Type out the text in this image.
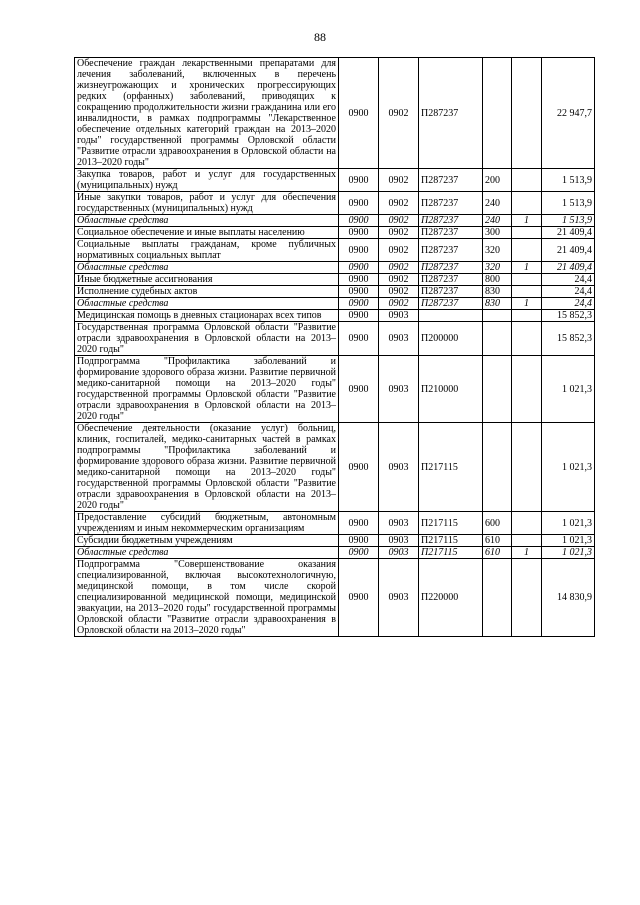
88
Обеспечение граждан лекарственными препаратами для лечения заболеваний, включенных в перечень жизнеугрожающих и хронических прогрессирующих редких (орфанных) заболеваний, приводящих к сокращению продолжительности жизни гражданина или его инвалидности, в рамках подпрограммы "Лекарственное обеспечение отдельных категорий граждан на 2013–2020 годы" государственной программы Орловской области "Развитие отрасли здравоохранения в Орловской области на 2013–2020 годы"	0900	0902	П287237			22 947,7
Закупка товаров, работ и услуг для государственных (муниципальных) нужд	0900	0902	П287237	200		1 513,9
Иные закупки товаров, работ и услуг для обеспечения государственных (муниципальных) нужд	0900	0902	П287237	240		1 513,9
Областные средства	0900	0902	П287237	240	1	1 513,9
Социальное обеспечение и иные выплаты населению	0900	0902	П287237	300		21 409,4
Социальные выплаты гражданам, кроме публичных нормативных социальных выплат	0900	0902	П287237	320		21 409,4
Областные средства	0900	0902	П287237	320	1	21 409,4
Иные бюджетные ассигнования	0900	0902	П287237	800		24,4
Исполнение судебных актов	0900	0902	П287237	830		24,4
Областные средства	0900	0902	П287237	830	1	24,4
Медицинская помощь в дневных стационарах всех типов	0900	0903				15 852,3
Государственная программа Орловской области "Развитие отрасли здравоохранения в Орловской области на 2013–2020 годы"	0900	0903	П200000			15 852,3
Подпрограмма "Профилактика заболеваний и формирование здорового образа жизни. Развитие первичной медико-санитарной помощи на 2013–2020 годы" государственной программы Орловской области "Развитие отрасли здравоохранения в Орловской области на 2013–2020 годы"	0900	0903	П210000			1 021,3
Обеспечение деятельности (оказание услуг) больниц, клиник, госпиталей, медико-санитарных частей в рамках подпрограммы "Профилактика заболеваний и формирование здорового образа жизни. Развитие первичной медико-санитарной помощи на 2013–2020 годы" государственной программы Орловской области "Развитие отрасли здравоохранения в Орловской области на 2013–2020 годы"	0900	0903	П217115			1 021,3
Предоставление субсидий бюджетным, автономным учреждениям и иным некоммерческим организациям	0900	0903	П217115	600		1 021,3
Субсидии бюджетным учреждениям	0900	0903	П217115	610		1 021,3
Областные средства	0900	0903	П217115	610	1	1 021,3
Подпрограмма "Совершенствование оказания специализированной, включая высокотехнологичную, медицинской помощи, в том числе скорой специализированной медицинской помощи, медицинской эвакуации, на 2013–2020 годы" государственной программы Орловской области "Развитие отрасли здравоохранения в Орловской области на 2013–2020 годы"	0900	0903	П220000			14 830,9
